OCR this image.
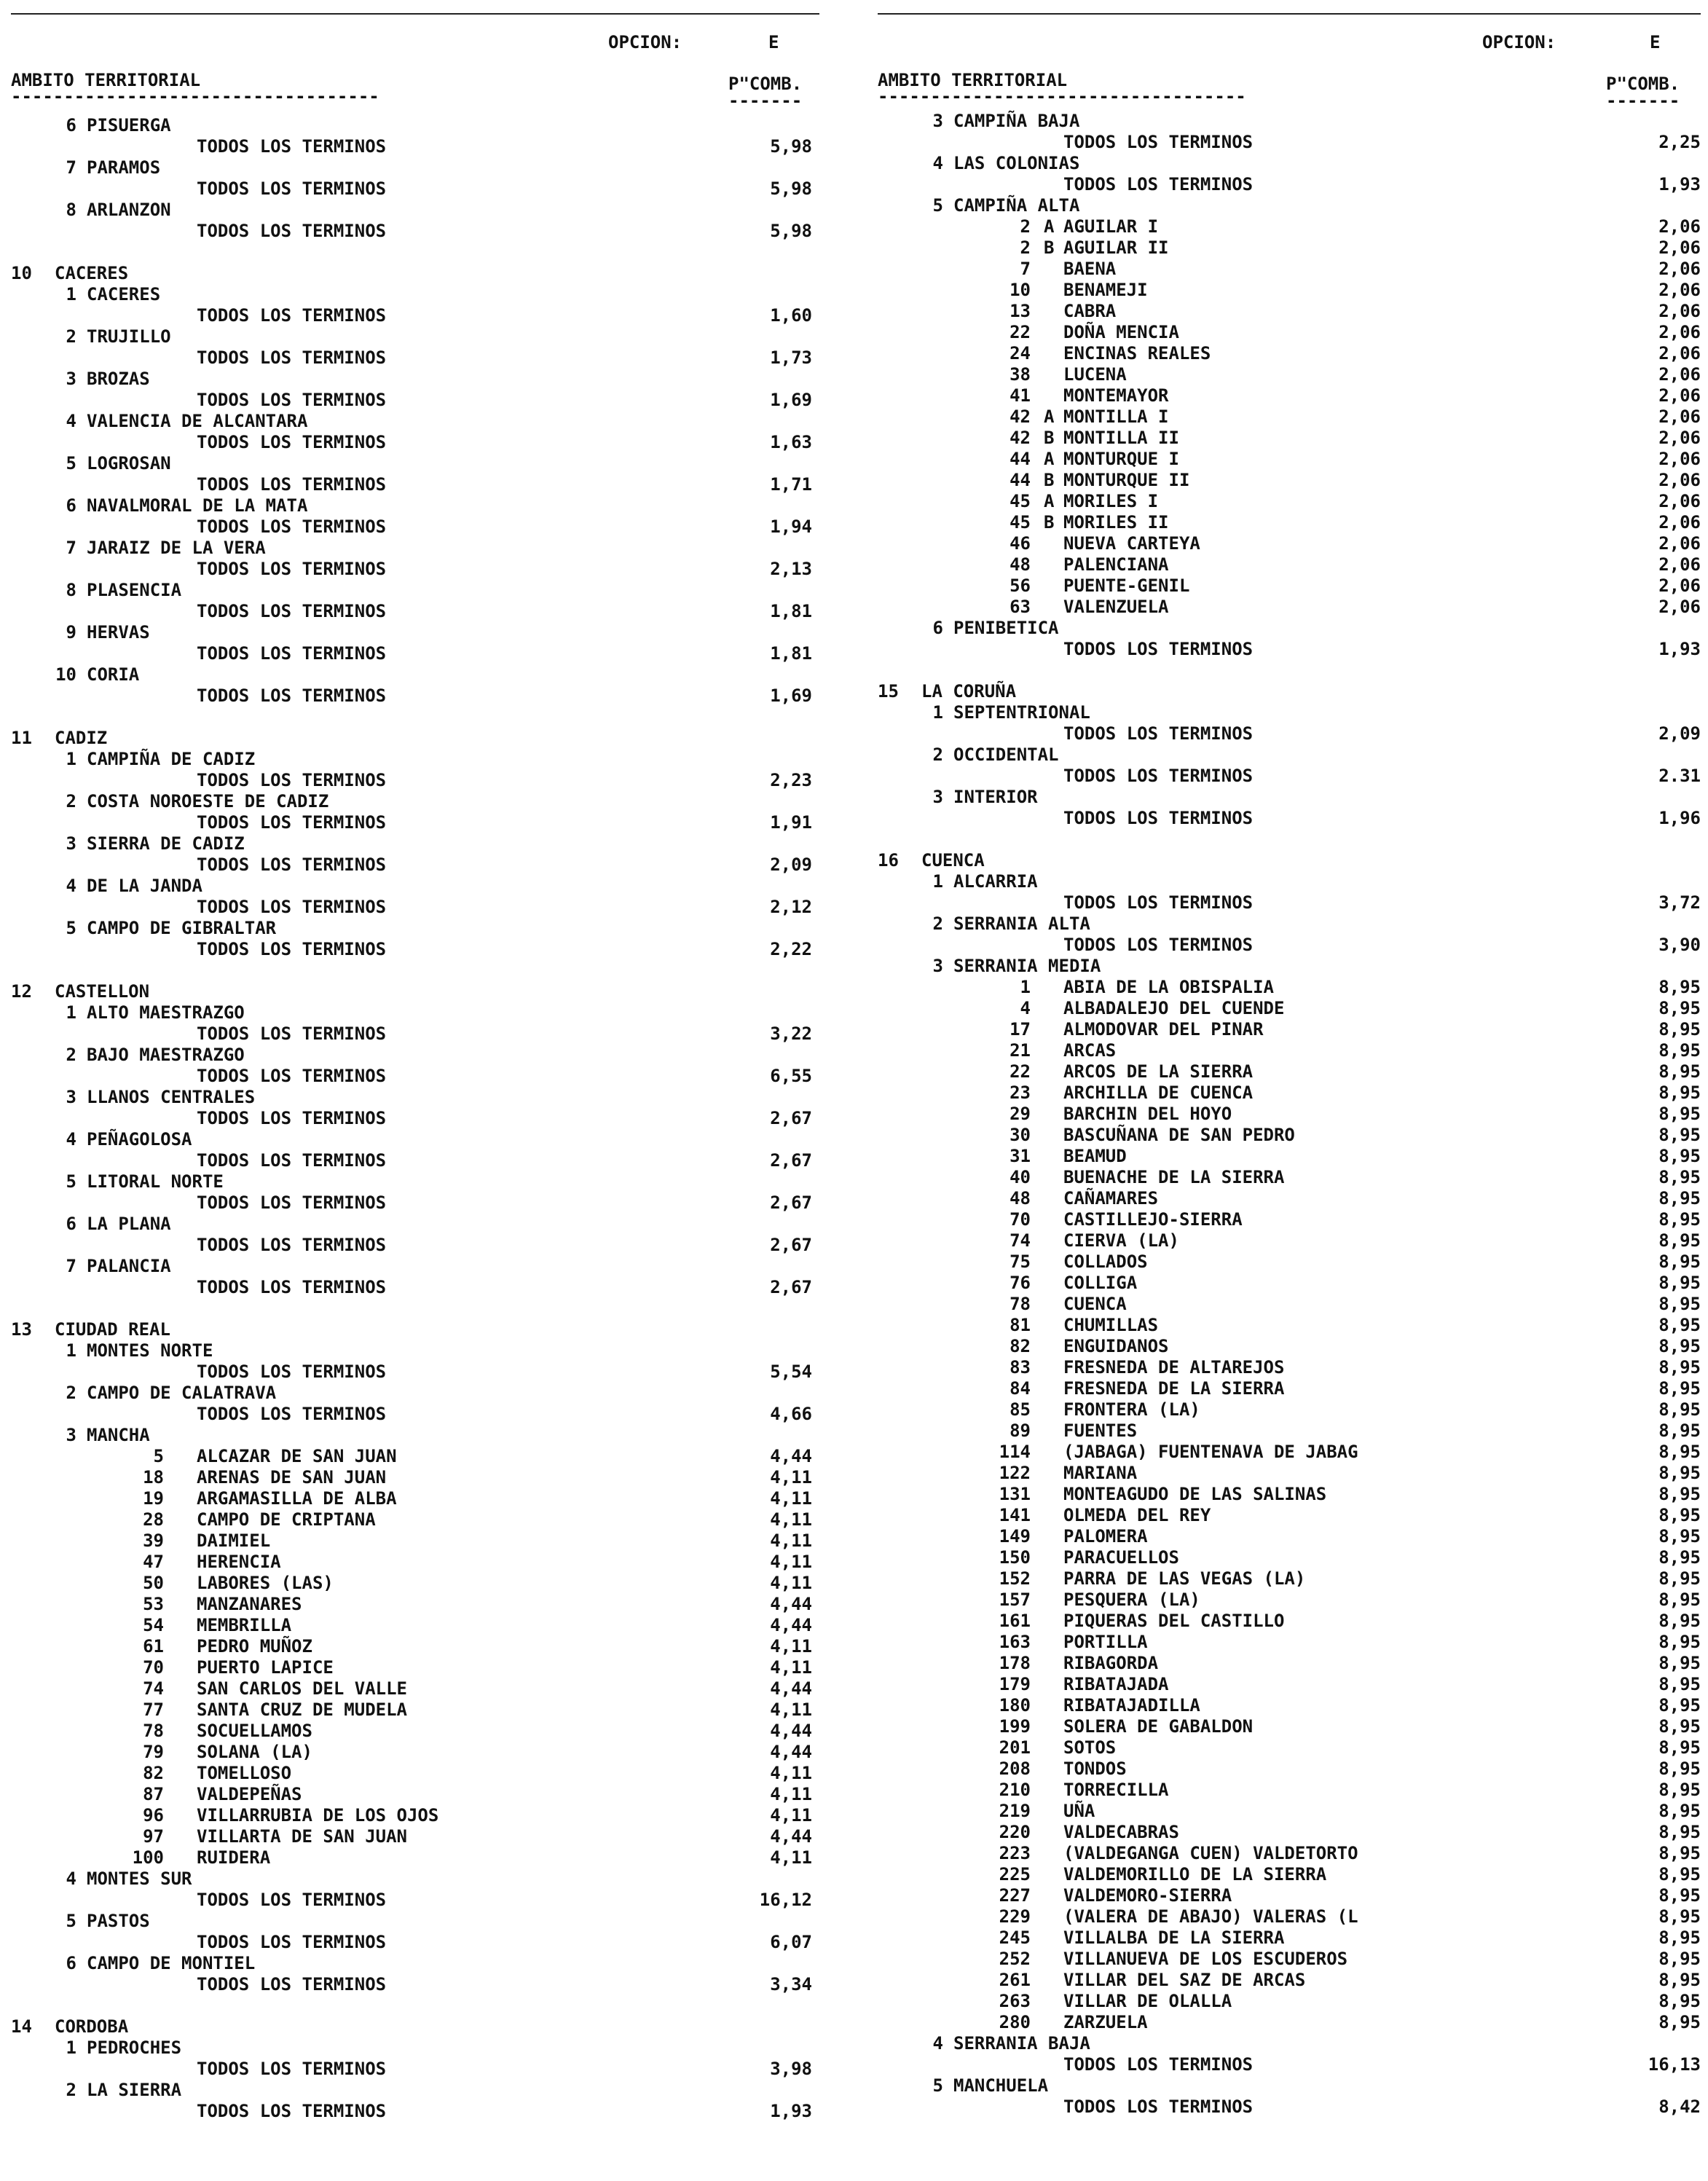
OPCION:	E
AMBITO TERRITORIAL
-----------------------------------
P"COMB.
-------
6 PISUERGA
TODOS LOS TERMINOS	5,98
7 PARAMOS
TODOS LOS TERMINOS	5,98
8 ARLANZON
TODOS LOS TERMINOS	5,98
10 CACERES
1 CACERES
TODOS LOS TERMINOS	1,60
2 TRUJILLO
TODOS LOS TERMINOS	1,73
3 BROZAS
TODOS LOS TERMINOS	1,69
4 VALENCIA DE ALCANTARA
TODOS LOS TERMINOS	1,63
5 LOGROSAN
TODOS LOS TERMINOS	1,71
6 NAVALMORAL DE LA MATA
TODOS LOS TERMINOS	1,94
7 JARAIZ DE LA VERA
TODOS LOS TERMINOS	2,13
8 PLASENCIA
TODOS LOS TERMINOS	1,81
9 HERVAS
TODOS LOS TERMINOS	1,81
10 CORIA
TODOS LOS TERMINOS	1,69
11 CADIZ
1 CAMPIÑA DE CADIZ
TODOS LOS TERMINOS	2,23
2 COSTA NOROESTE DE CADIZ
TODOS LOS TERMINOS	1,91
3 SIERRA DE CADIZ
TODOS LOS TERMINOS	2,09
4 DE LA JANDA
TODOS LOS TERMINOS	2,12
5 CAMPO DE GIBRALTAR
TODOS LOS TERMINOS	2,22
12 CASTELLON
1 ALTO MAESTRAZGO
TODOS LOS TERMINOS	3,22
2 BAJO MAESTRAZGO
TODOS LOS TERMINOS	6,55
3 LLANOS CENTRALES
TODOS LOS TERMINOS	2,67
4 PEÑAGOLOSA
TODOS LOS TERMINOS	2,67
5 LITORAL NORTE
TODOS LOS TERMINOS	2,67
6 LA PLANA
TODOS LOS TERMINOS	2,67
7 PALANCIA
TODOS LOS TERMINOS	2,67
13 CIUDAD REAL
1 MONTES NORTE
TODOS LOS TERMINOS	5,54
2 CAMPO DE CALATRAVA
TODOS LOS TERMINOS	4,66
3 MANCHA
5 ALCAZAR DE SAN JUAN	4,44
18 ARENAS DE SAN JUAN	4,11
19 ARGAMASILLA DE ALBA	4,11
28 CAMPO DE CRIPTANA	4,11
39 DAIMIEL	4,11
47 HERENCIA	4,11
50 LABORES (LAS)	4,11
53 MANZANARES	4,44
54 MEMBRILLA	4,44
61 PEDRO MUÑOZ	4,11
70 PUERTO LAPICE	4,11
74 SAN CARLOS DEL VALLE	4,44
77 SANTA CRUZ DE MUDELA	4,11
78 SOCUELLAMOS	4,44
79 SOLANA (LA)	4,44
82 TOMELLOSO	4,11
87 VALDEPEÑAS	4,11
96 VILLARRUBIA DE LOS OJOS	4,11
97 VILLARTA DE SAN JUAN	4,44
100 RUIDERA	4,11
4 MONTES SUR
TODOS LOS TERMINOS	16,12
5 PASTOS
TODOS LOS TERMINOS	6,07
6 CAMPO DE MONTIEL
TODOS LOS TERMINOS	3,34
14 CORDOBA
1 PEDROCHES
TODOS LOS TERMINOS	3,98
2 LA SIERRA
TODOS LOS TERMINOS	1,93
OPCION:	E
AMBITO TERRITORIAL
-----------------------------------
P"COMB.
-------
3 CAMPIÑA BAJA
TODOS LOS TERMINOS	2,25
4 LAS COLONIAS
TODOS LOS TERMINOS	1,93
5 CAMPIÑA ALTA
2 A AGUILAR I	2,06
2 B AGUILAR II	2,06
7 BAENA	2,06
10 BENAMEJI	2,06
13 CABRA	2,06
22 DOÑA MENCIA	2,06
24 ENCINAS REALES	2,06
38 LUCENA	2,06
41 MONTEMAYOR	2,06
42 A MONTILLA I	2,06
42 B MONTILLA II	2,06
44 A MONTURQUE I	2,06
44 B MONTURQUE II	2,06
45 A MORILES I	2,06
45 B MORILES II	2,06
46 NUEVA CARTEYA	2,06
48 PALENCIANA	2,06
56 PUENTE-GENIL	2,06
63 VALENZUELA	2,06
6 PENIBETICA
TODOS LOS TERMINOS	1,93
15 LA CORUÑA
1 SEPTENTRIONAL
TODOS LOS TERMINOS	2,09
2 OCCIDENTAL
TODOS LOS TERMINOS	2.31
3 INTERIOR
TODOS LOS TERMINOS	1,96
16 CUENCA
1 ALCARRIA
TODOS LOS TERMINOS	3,72
2 SERRANIA ALTA
TODOS LOS TERMINOS	3,90
3 SERRANIA MEDIA
1 ABIA DE LA OBISPALIA	8,95
4 ALBADALEJO DEL CUENDE	8,95
17 ALMODOVAR DEL PINAR	8,95
21 ARCAS	8,95
22 ARCOS DE LA SIERRA	8,95
23 ARCHILLA DE CUENCA	8,95
29 BARCHIN DEL HOYO	8,95
30 BASCUÑANA DE SAN PEDRO	8,95
31 BEAMUD	8,95
40 BUENACHE DE LA SIERRA	8,95
48 CAÑAMARES	8,95
70 CASTILLEJO-SIERRA	8,95
74 CIERVA (LA)	8,95
75 COLLADOS	8,95
76 COLLIGA	8,95
78 CUENCA	8,95
81 CHUMILLAS	8,95
82 ENGUIDANOS	8,95
83 FRESNEDA DE ALTAREJOS	8,95
84 FRESNEDA DE LA SIERRA	8,95
85 FRONTERA (LA)	8,95
89 FUENTES	8,95
114 (JABAGA) FUENTENAVA DE JABAG	8,95
122 MARIANA	8,95
131 MONTEAGUDO DE LAS SALINAS	8,95
141 OLMEDA DEL REY	8,95
149 PALOMERA	8,95
150 PARACUELLOS	8,95
152 PARRA DE LAS VEGAS (LA)	8,95
157 PESQUERA (LA)	8,95
161 PIQUERAS DEL CASTILLO	8,95
163 PORTILLA	8,95
178 RIBAGORDA	8,95
179 RIBATAJADA	8,95
180 RIBATAJADILLA	8,95
199 SOLERA DE GABALDON	8,95
201 SOTOS	8,95
208 TONDOS	8,95
210 TORRECILLA	8,95
219 UÑA	8,95
220 VALDECABRAS	8,95
223 (VALDEGANGA CUEN) VALDETORTO	8,95
225 VALDEMORILLO DE LA SIERRA	8,95
227 VALDEMORO-SIERRA	8,95
229 (VALERA DE ABAJO) VALERAS (L	8,95
245 VILLALBA DE LA SIERRA	8,95
252 VILLANUEVA DE LOS ESCUDEROS	8,95
261 VILLAR DEL SAZ DE ARCAS	8,95
263 VILLAR DE OLALLA	8,95
280 ZARZUELA	8,95
4 SERRANIA BAJA
TODOS LOS TERMINOS	16,13
5 MANCHUELA
TODOS LOS TERMINOS	8,42
